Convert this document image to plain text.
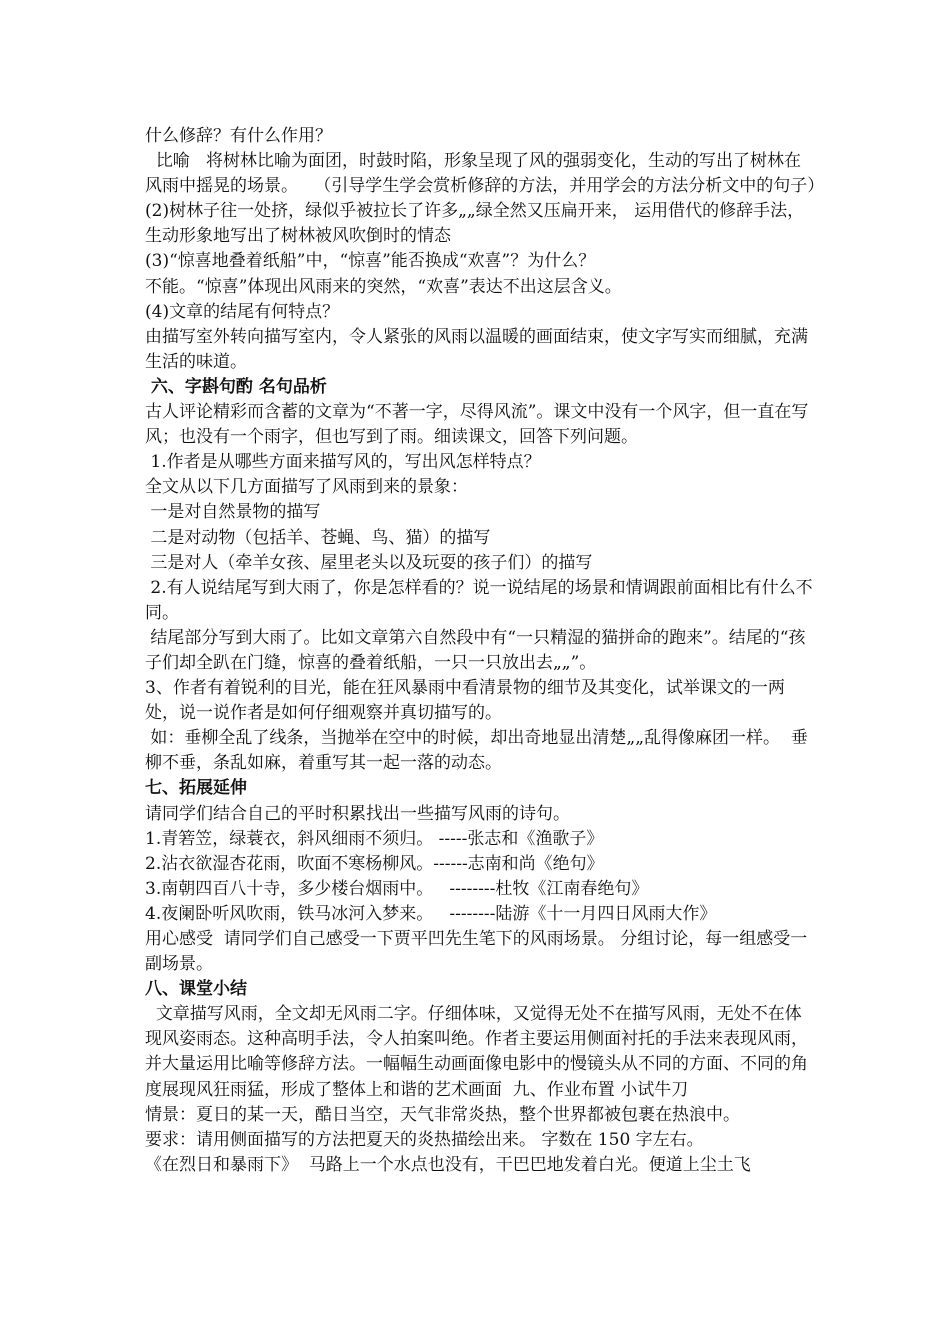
什么修辞？有什么作用？

比喻   将树林比喻为面团，时鼓时陷，形象呈现了风的强弱变化，生动的写出了树林在风雨中摇晃的场景。   （引导学生学会赏析修辞的方法，并用学会的方法分析文中的句子）

(2)树林子往一处挤，绿似乎被拉长了许多„„绿全然又压扁开来， 运用借代的修辞手法，生动形象地写出了树林被风吹倒时的情态

(3)“惊喜地叠着纸船”中，“惊喜”能否换成“欢喜”？为什么？

不能。“惊喜”体现出风雨来的突然，“欢喜”表达不出这层含义。

(4)文章的结尾有何特点？

由描写室外转向描写室内，令人紧张的风雨以温暖的画面结束，使文字写实而细腻，充满生活的味道。

六、字斟句酌 名句品析

古人评论精彩而含蓄的文章为“不著一字，尽得风流”。课文中没有一个风字，但一直在写风；也没有一个雨字，但也写到了雨。细读课文，回答下列问题。

1.作者是从哪些方面来描写风的，写出风怎样特点？

全文从以下几方面描写了风雨到来的景象：

一是对自然景物的描写

二是对动物（包括羊、苍蝇、鸟、猫）的描写

三是对人（牵羊女孩、屋里老头以及玩耍的孩子们）的描写

2.有人说结尾写到大雨了，你是怎样看的？说一说结尾的场景和情调跟前面相比有什么不同。

结尾部分写到大雨了。比如文章第六自然段中有“一只精湿的猫拼命的跑来”。结尾的“孩子们却全趴在门缝，惊喜的叠着纸船，一只一只放出去„„”。

3、作者有着锐利的目光，能在狂风暴雨中看清景物的细节及其变化，试举课文的一两处，说一说作者是如何仔细观察并真切描写的。

如：垂柳全乱了线条，当抛举在空中的时候，却出奇地显出清楚„„乱得像麻团一样。  垂柳不垂，条乱如麻，着重写其一起一落的动态。

七、拓展延伸

请同学们结合自己的平时积累找出一些描写风雨的诗句。

1.青箬笠，绿蓑衣，斜风细雨不须归。 -----张志和《渔歌子》

2.沾衣欲湿杏花雨，吹面不寒杨柳风。------志南和尚《绝句》

3.南朝四百八十寺，多少楼台烟雨中。   --------杜牧《江南春绝句》

4.夜阑卧听风吹雨，铁马冰河入梦来。   --------陆游《十一月四日风雨大作》

用心感受  请同学们自己感受一下贾平凹先生笔下的风雨场景。 分组讨论，每一组感受一副场景。

八、课堂小结

文章描写风雨，全文却无风雨二字。仔细体味，又觉得无处不在描写风雨，无处不在体现风姿雨态。这种高明手法，令人拍案叫绝。作者主要运用侧面衬托的手法来表现风雨，并大量运用比喻等修辞方法。一幅幅生动画面像电影中的慢镜头从不同的方面、不同的角度展现风狂雨猛，形成了整体上和谐的艺术画面  九、作业布置 小试牛刀

情景：夏日的某一天，酷日当空，天气非常炎热，整个世界都被包裹在热浪中。

要求：请用侧面描写的方法把夏天的炎热描绘出来。 字数在 150 字左右。

《在烈日和暴雨下》  马路上一个水点也没有，干巴巴地发着白光。便道上尘土飞
